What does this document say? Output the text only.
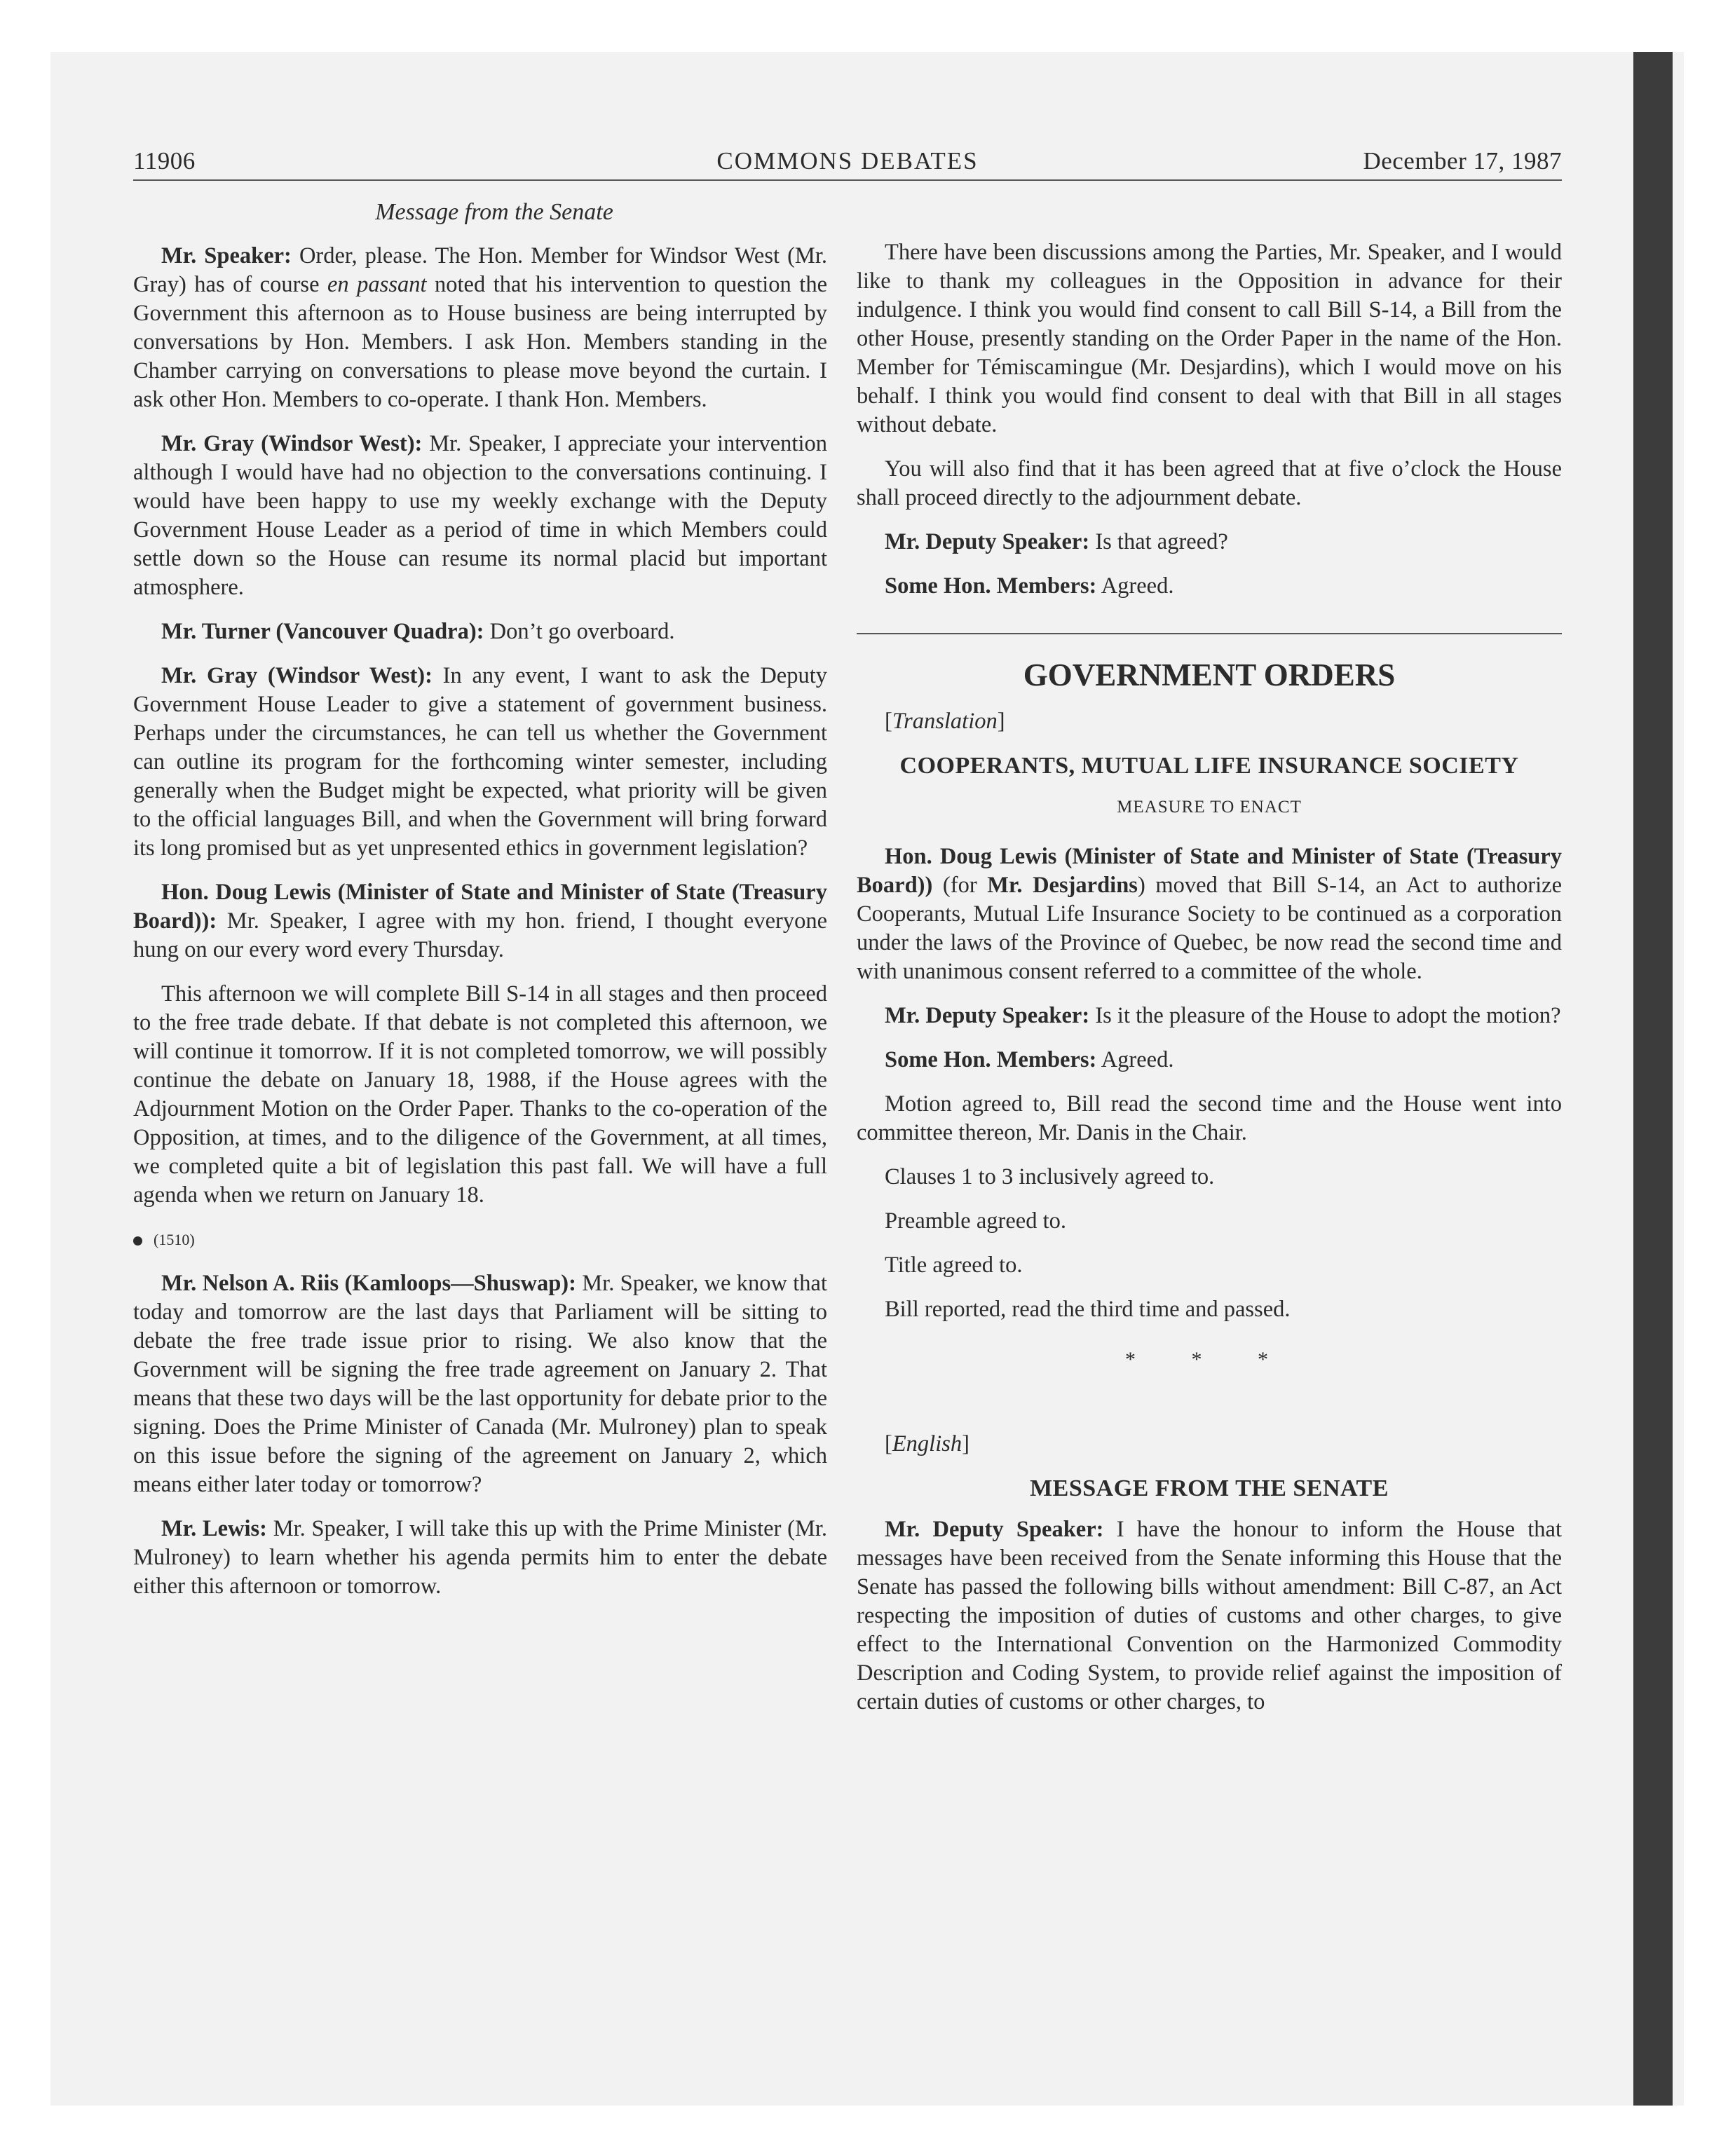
11906	COMMONS DEBATES	December 17, 1987

Message from the Senate

Mr. Speaker: Order, please. The Hon. Member for Windsor West (Mr. Gray) has of course en passant noted that his intervention to question the Government this afternoon as to House business are being interrupted by conversations by Hon. Members. I ask Hon. Members standing in the Chamber carrying on conversations to please move beyond the curtain. I ask other Hon. Members to co-operate. I thank Hon. Members.

Mr. Gray (Windsor West): Mr. Speaker, I appreciate your intervention although I would have had no objection to the conversations continuing. I would have been happy to use my weekly exchange with the Deputy Government House Leader as a period of time in which Members could settle down so the House can resume its normal placid but important atmosphere.

Mr. Turner (Vancouver Quadra): Don’t go overboard.

Mr. Gray (Windsor West): In any event, I want to ask the Deputy Government House Leader to give a statement of government business. Perhaps under the circumstances, he can tell us whether the Government can outline its program for the forthcoming winter semester, including generally when the Budget might be expected, what priority will be given to the official languages Bill, and when the Government will bring forward its long promised but as yet unpresented ethics in government legislation?

Hon. Doug Lewis (Minister of State and Minister of State (Treasury Board)): Mr. Speaker, I agree with my hon. friend, I thought everyone hung on our every word every Thursday.

This afternoon we will complete Bill S-14 in all stages and then proceed to the free trade debate. If that debate is not completed this afternoon, we will continue it tomorrow. If it is not completed tomorrow, we will possibly continue the debate on January 18, 1988, if the House agrees with the Adjournment Motion on the Order Paper. Thanks to the co-operation of the Opposition, at times, and to the diligence of the Government, at all times, we completed quite a bit of legislation this past fall. We will have a full agenda when we return on January 18.

(1510)

Mr. Nelson A. Riis (Kamloops—Shuswap): Mr. Speaker, we know that today and tomorrow are the last days that Parliament will be sitting to debate the free trade issue prior to rising. We also know that the Government will be signing the free trade agreement on January 2. That means that these two days will be the last opportunity for debate prior to the signing. Does the Prime Minister of Canada (Mr. Mulroney) plan to speak on this issue before the signing of the agreement on January 2, which means either later today or tomorrow?

Mr. Lewis: Mr. Speaker, I will take this up with the Prime Minister (Mr. Mulroney) to learn whether his agenda permits him to enter the debate either this afternoon or tomorrow.

There have been discussions among the Parties, Mr. Speaker, and I would like to thank my colleagues in the Opposition in advance for their indulgence. I think you would find consent to call Bill S-14, a Bill from the other House, presently standing on the Order Paper in the name of the Hon. Member for Témiscamingue (Mr. Desjardins), which I would move on his behalf. I think you would find consent to deal with that Bill in all stages without debate.

You will also find that it has been agreed that at five o’clock the House shall proceed directly to the adjournment debate.

Mr. Deputy Speaker: Is that agreed?

Some Hon. Members: Agreed.

GOVERNMENT ORDERS

[Translation]

COOPERANTS, MUTUAL LIFE INSURANCE SOCIETY
MEASURE TO ENACT

Hon. Doug Lewis (Minister of State and Minister of State (Treasury Board)) (for Mr. Desjardins) moved that Bill S-14, an Act to authorize Cooperants, Mutual Life Insurance Society to be continued as a corporation under the laws of the Province of Quebec, be now read the second time and with unanimous consent referred to a committee of the whole.

Mr. Deputy Speaker: Is it the pleasure of the House to adopt the motion?

Some Hon. Members: Agreed.

Motion agreed to, Bill read the second time and the House went into committee thereon, Mr. Danis in the Chair.

Clauses 1 to 3 inclusively agreed to.

Preamble agreed to.

Title agreed to.

Bill reported, read the third time and passed.

* * *

[English]

MESSAGE FROM THE SENATE

Mr. Deputy Speaker: I have the honour to inform the House that messages have been received from the Senate informing this House that the Senate has passed the following bills without amendment: Bill C-87, an Act respecting the imposition of duties of customs and other charges, to give effect to the International Convention on the Harmonized Commodity Description and Coding System, to provide relief against the imposition of certain duties of customs or other charges, to
